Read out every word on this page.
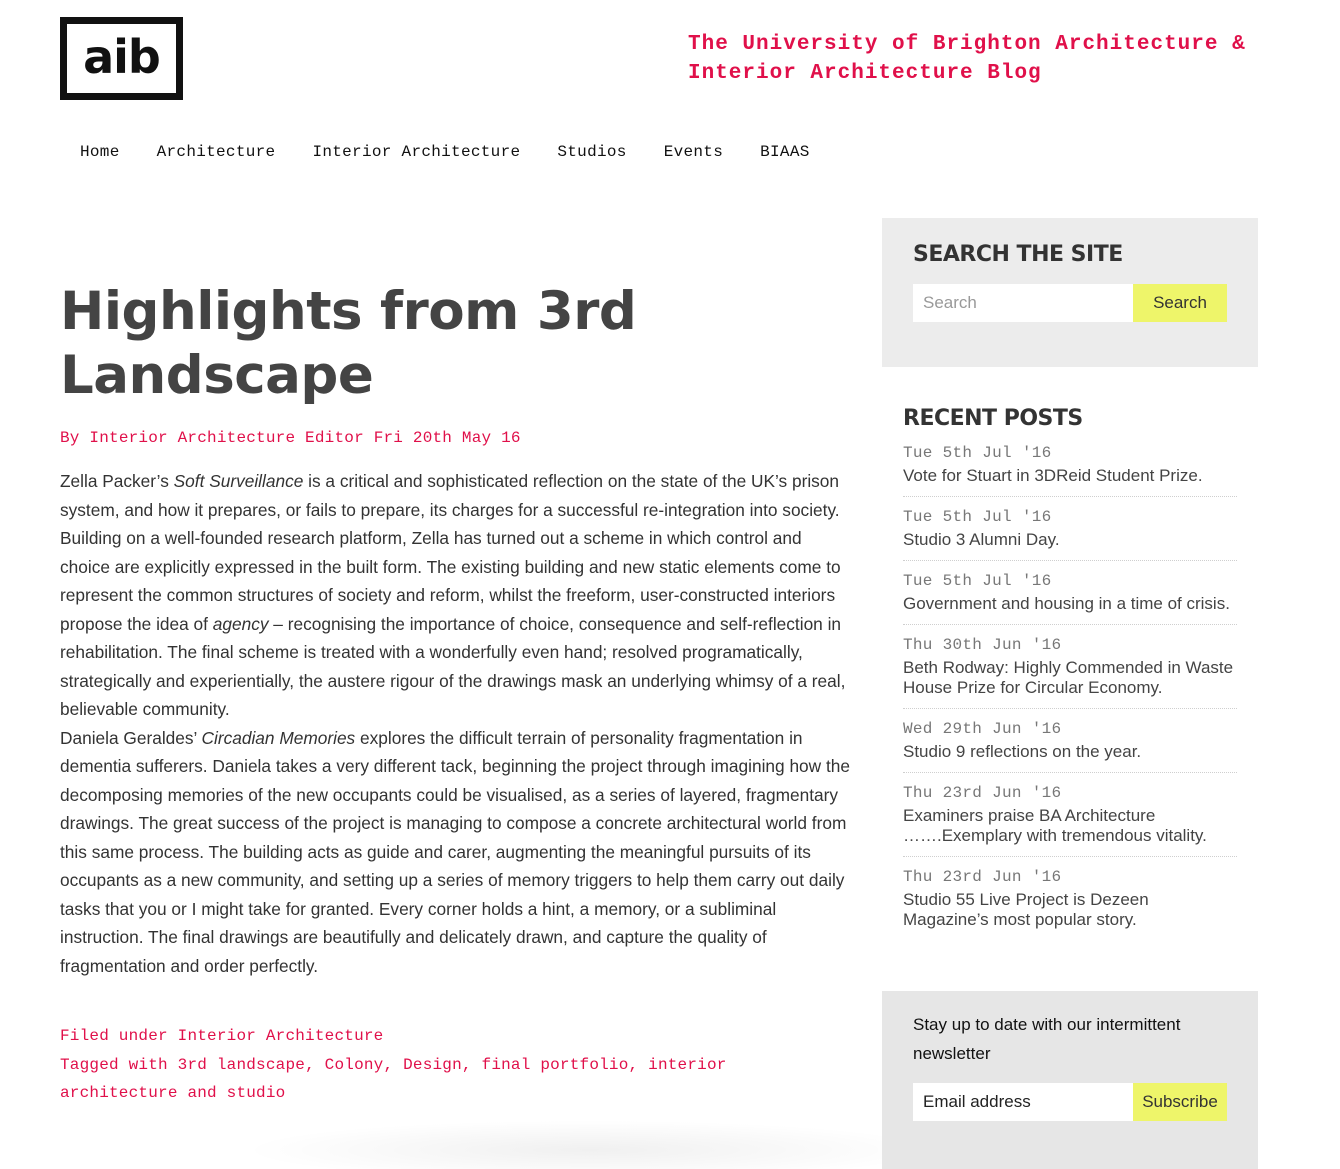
aib	The University of Brighton Architecture & Interior Architecture Blog
Home Architecture Interior Architecture Studios Events BIAAS
Highlights from 3rd Landscape
By Interior Architecture Editor Fri 20th May 16

Zella Packer’s Soft Surveillance is a critical and sophisticated reflection on the state of the UK’s prison system, and how it prepares, or fails to prepare, its charges for a successful re-integration into society. Building on a well-founded research platform, Zella has turned out a scheme in which control and choice are explicitly expressed in the built form. The existing building and new static elements come to represent the common structures of society and reform, whilst the freeform, user-constructed interiors propose the idea of agency – recognising the importance of choice, consequence and self-reflection in rehabilitation. The final scheme is treated with a wonderfully even hand; resolved programatically, strategically and experientially, the austere rigour of the drawings mask an underlying whimsy of a real, believable community.

Daniela Geraldes’ Circadian Memories explores the difficult terrain of personality fragmentation in dementia sufferers. Daniela takes a very different tack, beginning the project through imagining how the decomposing memories of the new occupants could be visualised, as a series of layered, fragmentary drawings. The great success of the project is managing to compose a concrete architectural world from this same process. The building acts as guide and carer, augmenting the meaningful pursuits of its occupants as a new community, and setting up a series of memory triggers to help them carry out daily tasks that you or I might take for granted. Every corner holds a hint, a memory, or a subliminal instruction. The final drawings are beautifully and delicately drawn, and capture the quality of fragmentation and order perfectly.

Filed under Interior Architecture
Tagged with 3rd landscape, Colony, Design, final portfolio, interior architecture and studio
SEARCH THE SITE
Search
Search
RECENT POSTS
Tue 5th Jul '16
Vote for Stuart in 3DReid Student Prize.
Tue 5th Jul '16
Studio 3 Alumni Day.
Tue 5th Jul '16
Government and housing in a time of crisis.
Thu 30th Jun '16
Beth Rodway: Highly Commended in Waste House Prize for Circular Economy.
Wed 29th Jun '16
Studio 9 reflections on the year.
Thu 23rd Jun '16
Examiners praise BA Architecture …….Exemplary with tremendous vitality.
Thu 23rd Jun '16
Studio 55 Live Project is Dezeen Magazine’s most popular story.

Stay up to date with our intermittent newsletter

Email address
Subscribe
